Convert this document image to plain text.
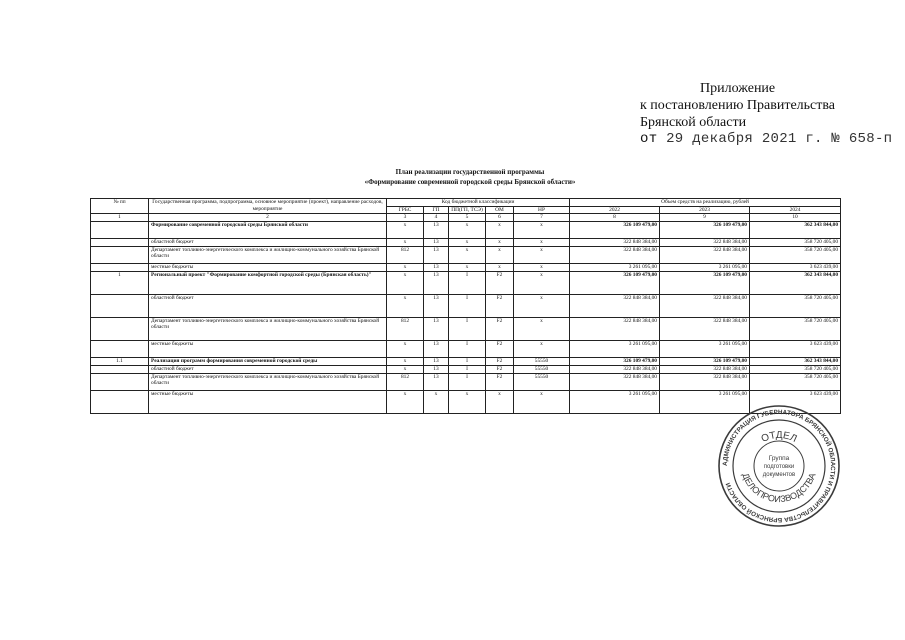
Приложение
к постановлению Правительства
Брянской области
от 29 декабря 2021 г. № 658-п
План реализации государственной программы
«Формирование современной городской среды Брянской области»
№ пп	Государственная программа, подпрограмма, основное мероприятие (проект), направление расходов, мероприятие	Код бюджетной классификации					Объем средств на реализацию, рублей		
		ГРБС	ГП	ПП(ГП, ТСЭ)	ОМ	НР	2022	2023	2024
1	2	3	4	5	6	7	8	9	10
	Формирование современной городской среды Брянской области	х	13	х	х	х	326 109 479,00	326 109 479,00	362 343 844,00
	областной бюджет	х	13	х	х	х	322 848 384,00	322 848 384,00	358 720 405,00
	Департамент топливно-энергетического комплекса и жилищно-коммунального хозяйства Брянской области	812	13	х	х	х	322 848 384,00	322 848 384,00	358 720 405,00
	местные бюджеты	х	13	х	х	х	3 261 095,00	3 261 095,00	3 623 439,00
1	Региональный проект "Формирование комфортной городской среды (Брянская область)"	х	13	I	F2	х	326 109 479,00	326 109 479,00	362 343 844,00
	областной бюджет	х	13	I	F2	х	322 848 384,00	322 848 384,00	358 720 405,00
	Департамент топливно-энергетического комплекса и жилищно-коммунального хозяйства Брянской области	812	13	I	F2	х	322 848 384,00	322 848 384,00	358 720 405,00
	местные бюджеты	х	13	I	F2	х	3 261 095,00	3 261 095,00	3 623 439,00
1.1	Реализация программ формирования современной городской среды	х	13	I	F2	55550	326 109 479,00	326 109 479,00	362 343 844,00
	областной бюджет	х	13	I	F2	55550	322 848 384,00	322 848 384,00	358 720 405,00
	Департамент топливно-энергетического комплекса и жилищно-коммунального хозяйства Брянской области	812	13	I	F2	55550	322 848 384,00	322 848 384,00	358 720 405,00
	местные бюджеты	х	х	х	х	х	3 261 095,00	3 261 095,00	3 623 439,00
АДМИНИСТРАЦИЯ ГУБЕРНАТОРА БРЯНСКОЙ ОБЛАСТИ И ПРАВИТЕЛЬСТВА БРЯНСКОЙ ОБЛАСТИ
ОТДЕЛ
ДЕЛОПРОИЗВОДСТВА
Группа
подготовки
документов
